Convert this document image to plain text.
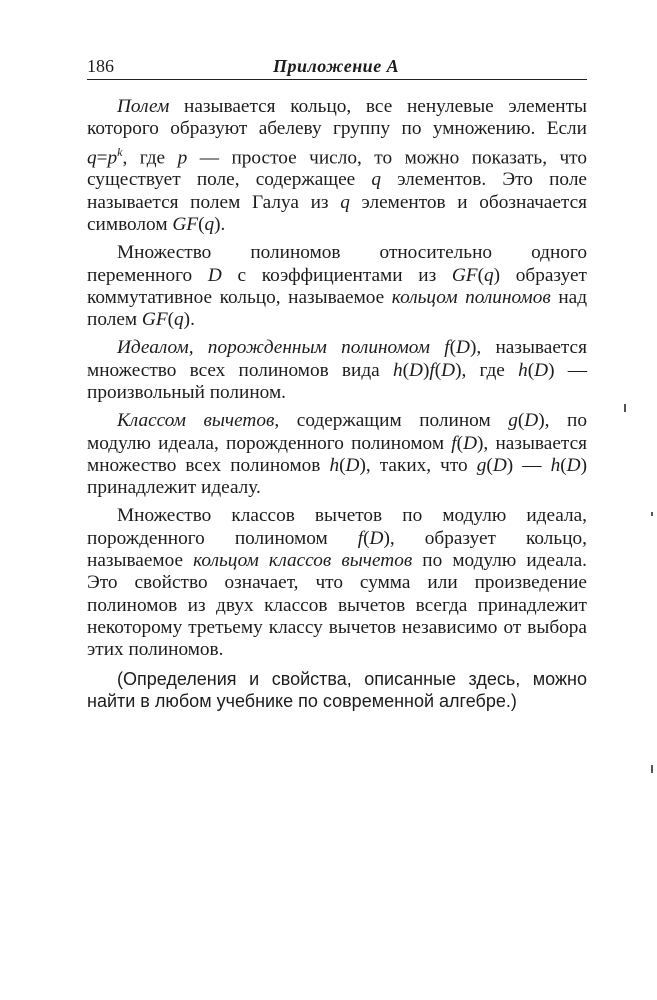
186	Приложение А

Полем называется кольцо, все ненулевые элементы которого образуют абелеву группу по умножению. Если $q=p^k$, где p — простое число, то можно показать, что существует поле, содержащее q элементов. Это поле называется полем Галуа из q элементов и обозначается символом GF(q).

Множество полиномов относительно одного переменного D с коэффициентами из GF(q) образует коммутативное кольцо, называемое кольцом полиномов над полем GF(q).

Идеалом, порожденным полиномом f(D), называется множество всех полиномов вида h(D)f(D), где h(D) — произвольный полином.

Классом вычетов, содержащим полином g(D), по модулю идеала, порожденного полиномом f(D), называется множество всех полиномов h(D), таких, что g(D) — h(D) принадлежит идеалу.

Множество классов вычетов по модулю идеала, порожденного полиномом f(D), образует кольцо, называемое кольцом классов вычетов по модулю идеала. Это свойство означает, что сумма или произведение полиномов из двух классов вычетов всегда принадлежит некоторому третьему классу вычетов независимо от выбора этих полиномов.

(Определения и свойства, описанные здесь, можно найти в любом учебнике по современной алгебре.)
